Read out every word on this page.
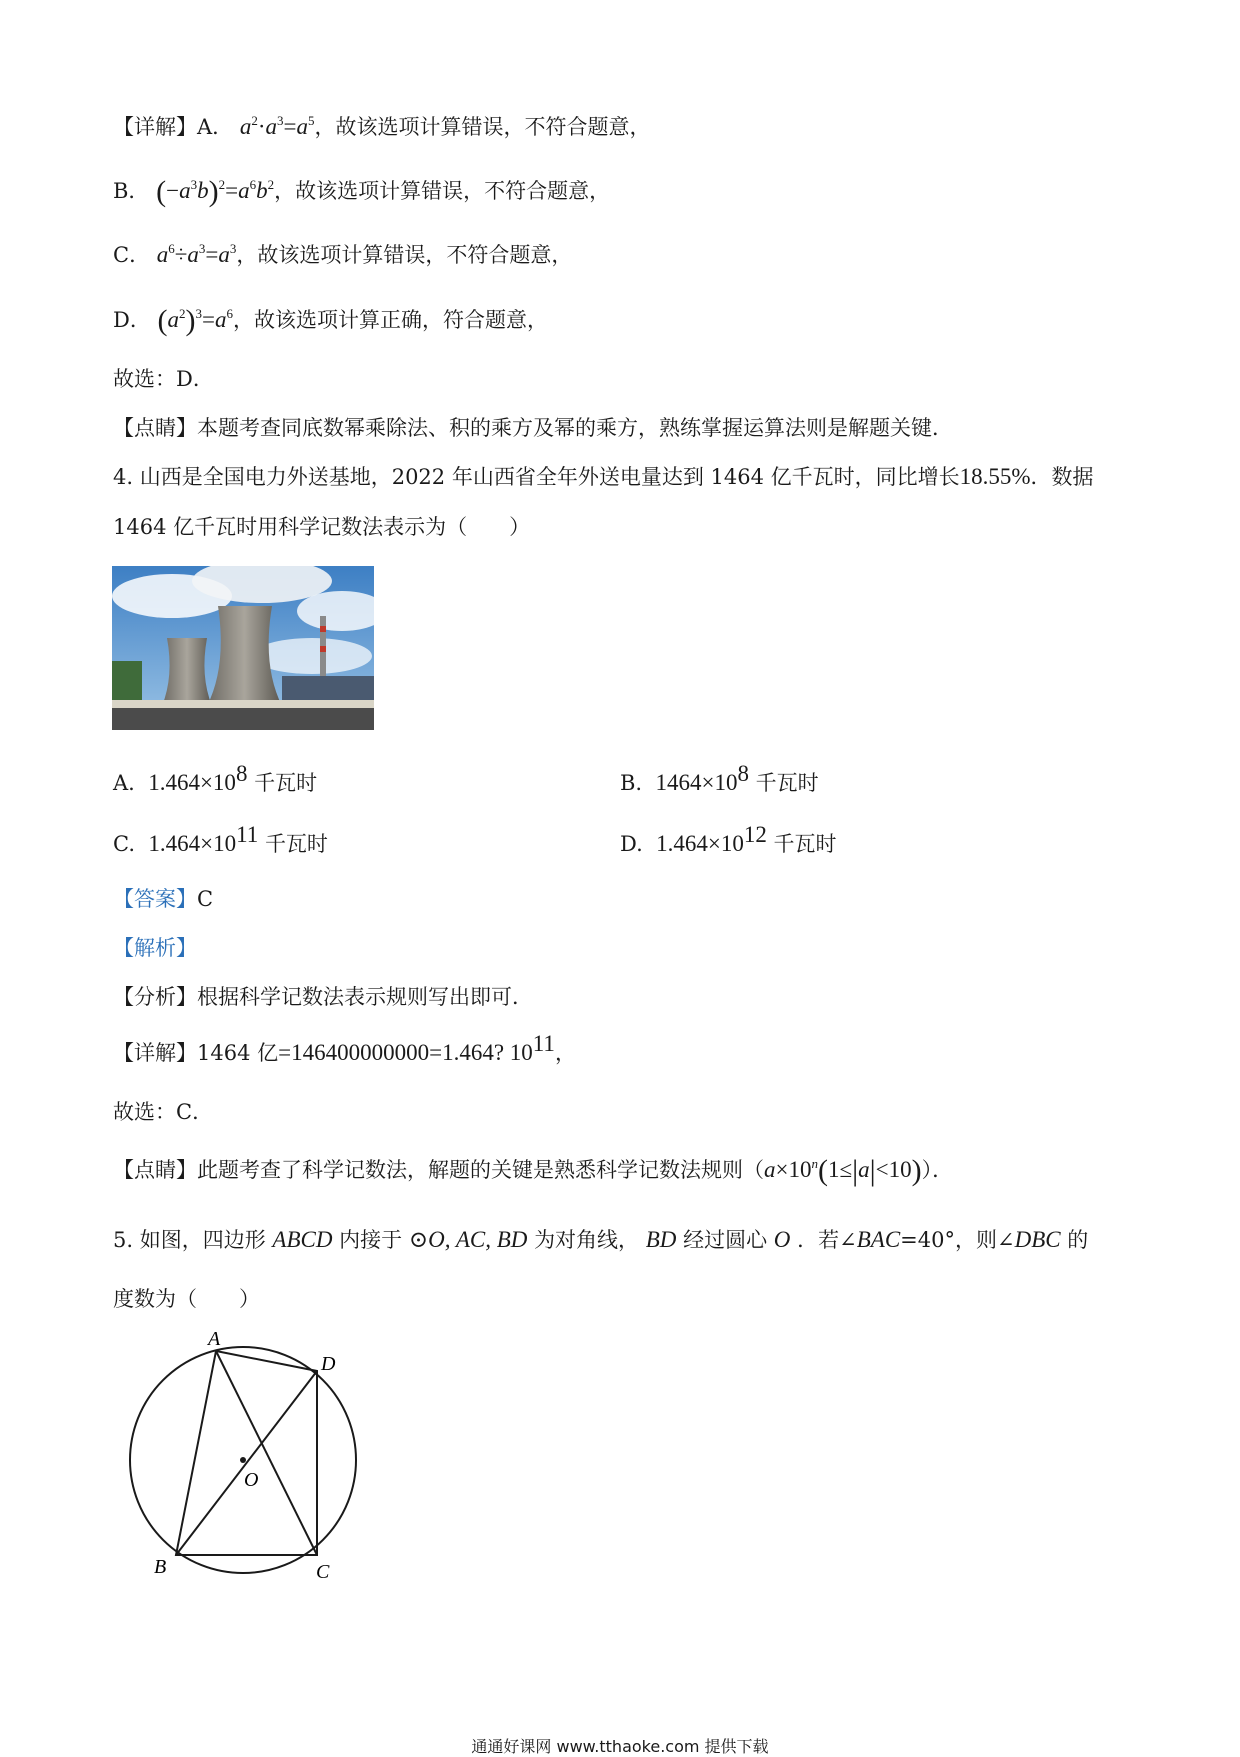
【详解】A． $a^2\cdot a^3=a^5$，故该选项计算错误，不符合题意，
B． $(-a^3b)^2=a^6b^2$，故该选项计算错误，不符合题意，
C． $a^6\div a^3=a^3$，故该选项计算错误，不符合题意，
D． $(a^2)^3=a^6$，故该选项计算正确，符合题意，
故选：D．
【点睛】本题考查同底数幂乘除法、积的乘方及幂的乘方，熟练掌握运算法则是解题关键．
4. 山西是全国电力外送基地，2022 年山西省全年外送电量达到 1464 亿千瓦时，同比增长18.55%．数据
1464 亿千瓦时用科学记数法表示为（　　）
A. $1.464\times 10^8$ 千瓦时	B. $1464\times 10^8$ 千瓦时
C. $1.464\times 10^{11}$ 千瓦时	D. $1.464\times 10^{12}$ 千瓦时
【答案】C
【解析】
【分析】根据科学记数法表示规则写出即可．
【详解】1464 亿=146400000000=1.464? $10^{11}$，
故选：C．
【点睛】此题考查了科学记数法，解题的关键是熟悉科学记数法规则$(a\times 10^n(1\le|a|<10))$．
5. 如图，四边形 ABCD 内接于 ⊙O, AC, BD 为对角线， BD 经过圆心 O ．若∠BAC=40°，则∠DBC 的
度数为（　　）
A
D
B	C
O
通通好课网 www.tthaoke.com 提供下载
